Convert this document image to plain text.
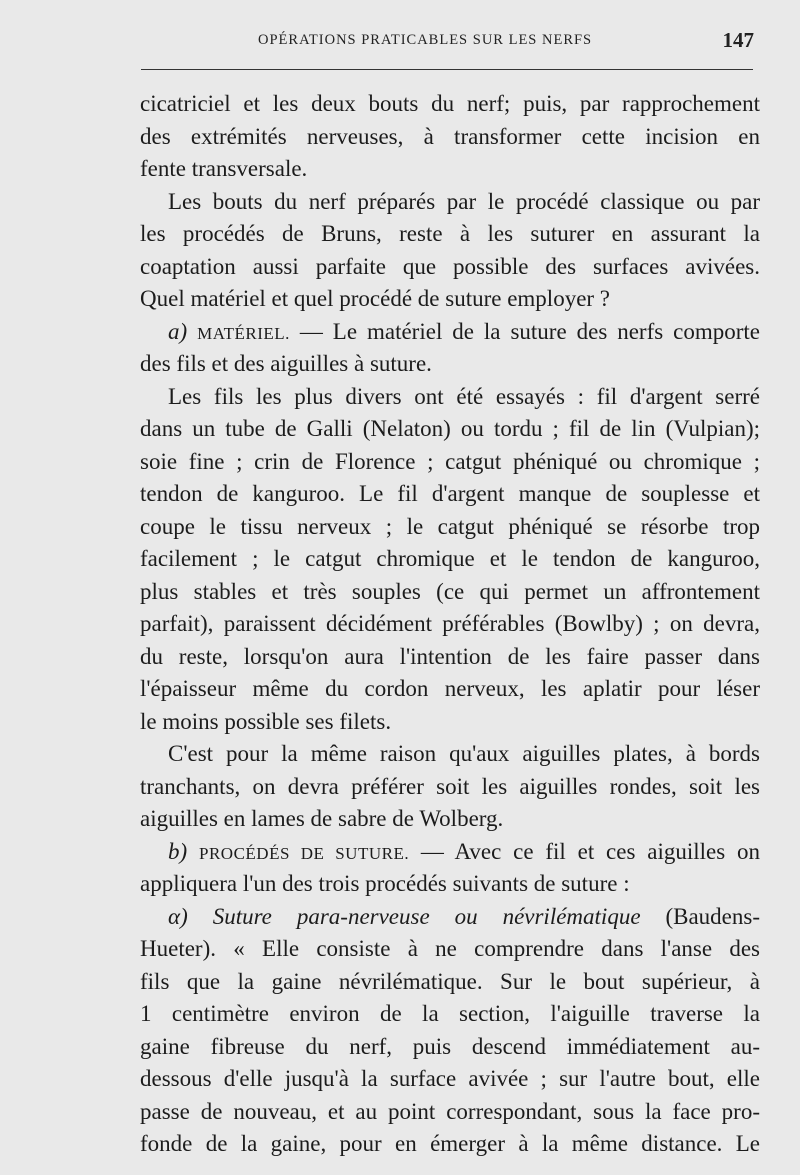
OPÉRATIONS PRATICABLES SUR LES NERFS	147
cicatriciel et les deux bouts du nerf; puis, par rapprochement
des extrémités nerveuses, à transformer cette incision en
fente transversale.
Les bouts du nerf préparés par le procédé classique ou par
les procédés de Bruns, reste à les suturer en assurant la
coaptation aussi parfaite que possible des surfaces avivées.
Quel matériel et quel procédé de suture employer ?
a) MATÉRIEL. — Le matériel de la suture des nerfs comporte
des fils et des aiguilles à suture.
Les fils les plus divers ont été essayés : fil d'argent serré
dans un tube de Galli (Nelaton) ou tordu ; fil de lin (Vulpian);
soie fine ; crin de Florence ; catgut phéniqué ou chromique ;
tendon de kanguroo. Le fil d'argent manque de souplesse et
coupe le tissu nerveux ; le catgut phéniqué se résorbe trop
facilement ; le catgut chromique et le tendon de kanguroo,
plus stables et très souples (ce qui permet un affrontement
parfait), paraissent décidément préférables (Bowlby) ; on devra,
du reste, lorsqu'on aura l'intention de les faire passer dans
l'épaisseur même du cordon nerveux, les aplatir pour léser
le moins possible ses filets.
C'est pour la même raison qu'aux aiguilles plates, à bords
tranchants, on devra préférer soit les aiguilles rondes, soit les
aiguilles en lames de sabre de Wolberg.
b) PROCÉDÉS DE SUTURE. — Avec ce fil et ces aiguilles on
appliquera l'un des trois procédés suivants de suture :
α) Suture para-nerveuse ou névrilématique (Baudens-
Hueter). « Elle consiste à ne comprendre dans l'anse des
fils que la gaine névrilématique. Sur le bout supérieur, à
1 centimètre environ de la section, l'aiguille traverse la
gaine fibreuse du nerf, puis descend immédiatement au-
dessous d'elle jusqu'à la surface avivée ; sur l'autre bout, elle
passe de nouveau, et au point correspondant, sous la face pro-
fonde de la gaine, pour en émerger à la même distance. Le
